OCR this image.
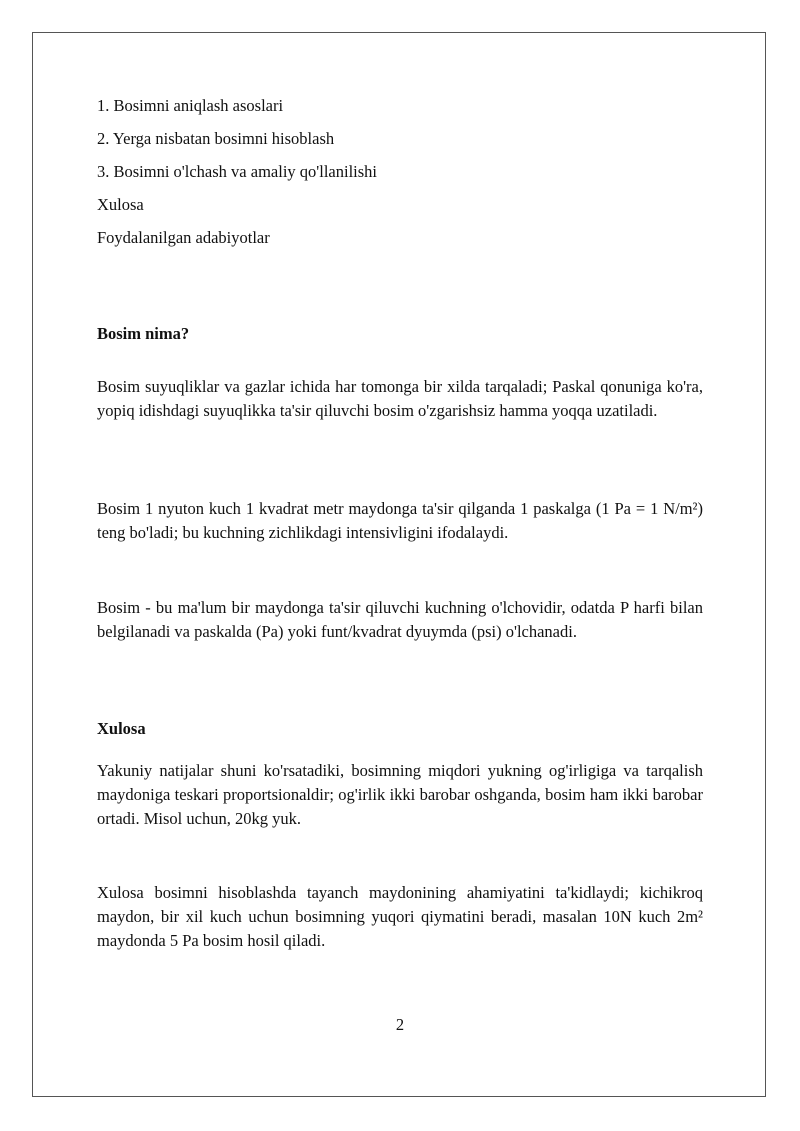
1. Bosimni aniqlash asoslari
2. Yerga nisbatan bosimni hisoblash
3. Bosimni o'lchash va amaliy qo'llanilishi
Xulosa
Foydalanilgan adabiyotlar
Bosim nima?
Bosim suyuqliklar va gazlar ichida har tomonga bir xilda tarqaladi; Paskal qonuniga ko'ra, yopiq idishdagi suyuqlikka ta'sir qiluvchi bosim o'zgarishsiz hamma yoqqa uzatiladi.
Bosim 1 nyuton kuch 1 kvadrat metr maydonga ta'sir qilganda 1 paskalga (1 Pa = 1 N/m²) teng bo'ladi; bu kuchning zichlikdagi intensivligini ifodalaydi.
Bosim - bu ma'lum bir maydonga ta'sir qiluvchi kuchning o'lchovidir, odatda P harfi bilan belgilanadi va paskalda (Pa) yoki funt/kvadrat dyuymda (psi) o'lchanadi.
Xulosa
Yakuniy natijalar shuni ko'rsatadiki, bosimning miqdori yukning og'irligiga va tarqalish maydoniga teskari proportsionaldir; og'irlik ikki barobar oshganda, bosim ham ikki barobar ortadi. Misol uchun, 20kg yuk.
Xulosa bosimni hisoblashda tayanch maydonining ahamiyatini ta'kidlaydi; kichikroq maydon, bir xil kuch uchun bosimning yuqori qiymatini beradi, masalan 10N kuch 2m² maydonda 5 Pa bosim hosil qiladi.
2
